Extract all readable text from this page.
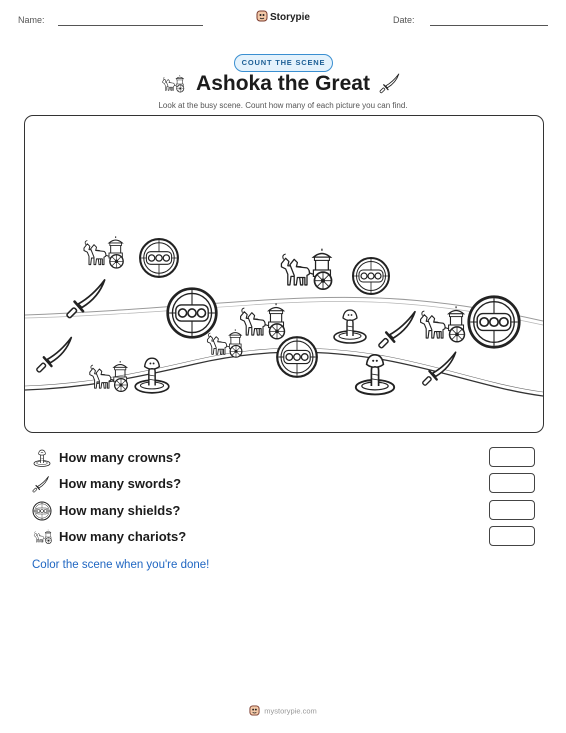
Name:	Storypie	Date:
COUNT THE SCENE
Ashoka the Great
Look at the busy scene. Count how many of each picture you can find.
How many crowns?
How many swords?
How many shields?
How many chariots?
Color the scene when you're done!
mystorypie.com
